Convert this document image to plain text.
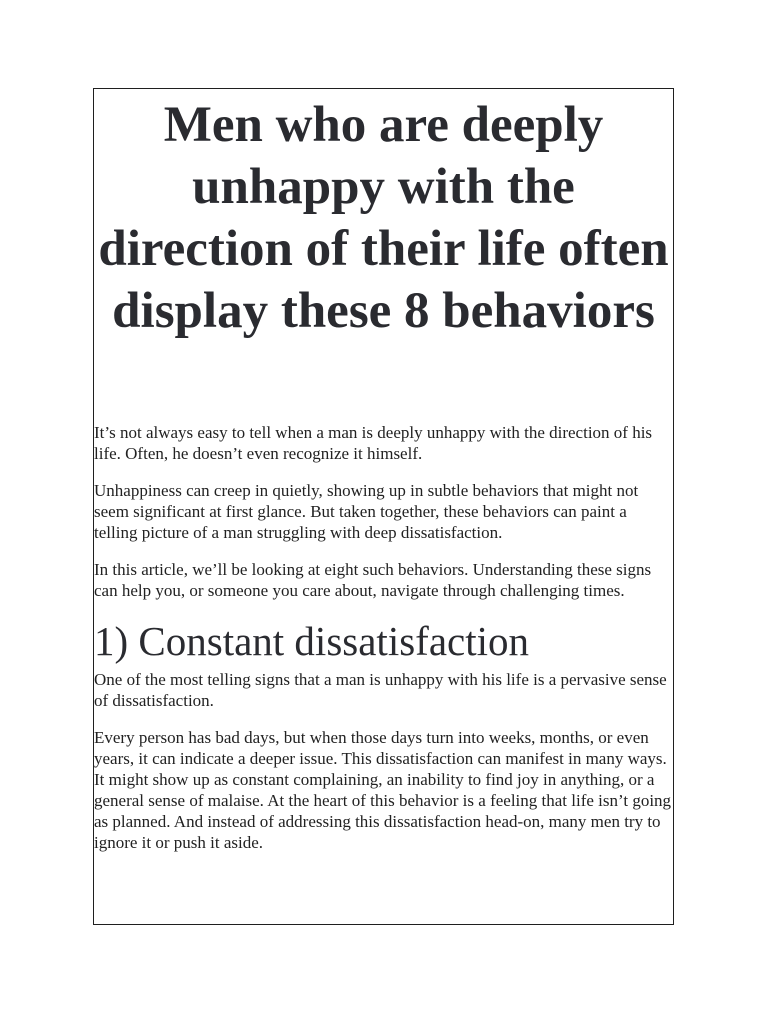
Men who are deeply unhappy with the direction of their life often display these 8 behaviors

It’s not always easy to tell when a man is deeply unhappy with the direction of his life. Often, he doesn’t even recognize it himself.

Unhappiness can creep in quietly, showing up in subtle behaviors that might not seem significant at first glance. But taken together, these behaviors can paint a telling picture of a man struggling with deep dissatisfaction.

In this article, we’ll be looking at eight such behaviors. Understanding these signs can help you, or someone you care about, navigate through challenging times.

1) Constant dissatisfaction

One of the most telling signs that a man is unhappy with his life is a pervasive sense of dissatisfaction.

Every person has bad days, but when those days turn into weeks, months, or even years, it can indicate a deeper issue. This dissatisfaction can manifest in many ways. It might show up as constant complaining, an inability to find joy in anything, or a general sense of malaise. At the heart of this behavior is a feeling that life isn’t going as planned. And instead of addressing this dissatisfaction head-on, many men try to ignore it or push it aside.
